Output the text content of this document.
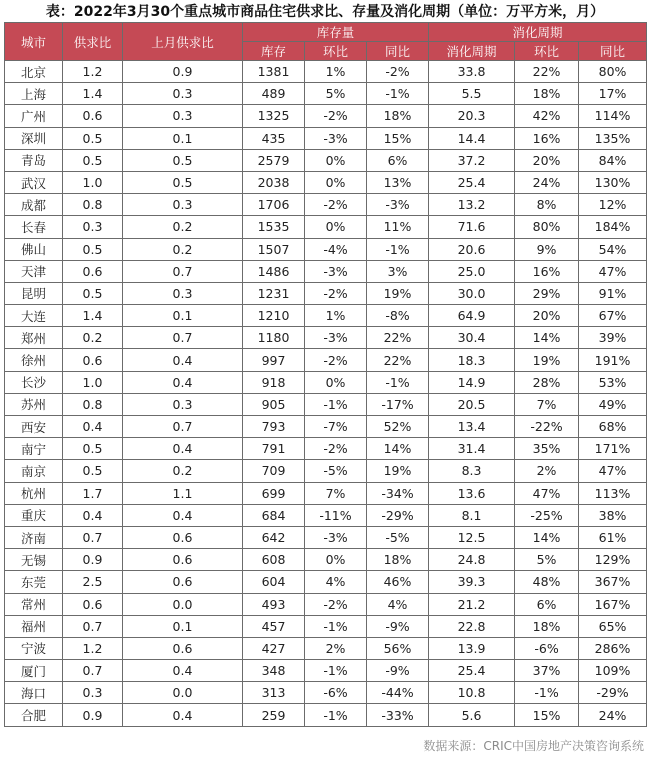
表：2022年3月30个重点城市商品住宅供求比、存量及消化周期（单位：万平方米，月）
城市	供求比	上月供求比	库存量			消化周期		
			库存	环比	同比	消化周期	环比	同比
北京	1.2	0.9	1381	1%	-2%	33.8	22%	80%
上海	1.4	0.3	489	5%	-1%	5.5	18%	17%
广州	0.6	0.3	1325	-2%	18%	20.3	42%	114%
深圳	0.5	0.1	435	-3%	15%	14.4	16%	135%
青岛	0.5	0.5	2579	0%	6%	37.2	20%	84%
武汉	1.0	0.5	2038	0%	13%	25.4	24%	130%
成都	0.8	0.3	1706	-2%	-3%	13.2	8%	12%
长春	0.3	0.2	1535	0%	11%	71.6	80%	184%
佛山	0.5	0.2	1507	-4%	-1%	20.6	9%	54%
天津	0.6	0.7	1486	-3%	3%	25.0	16%	47%
昆明	0.5	0.3	1231	-2%	19%	30.0	29%	91%
大连	1.4	0.1	1210	1%	-8%	64.9	20%	67%
郑州	0.2	0.7	1180	-3%	22%	30.4	14%	39%
徐州	0.6	0.4	997	-2%	22%	18.3	19%	191%
长沙	1.0	0.4	918	0%	-1%	14.9	28%	53%
苏州	0.8	0.3	905	-1%	-17%	20.5	7%	49%
西安	0.4	0.7	793	-7%	52%	13.4	-22%	68%
南宁	0.5	0.4	791	-2%	14%	31.4	35%	171%
南京	0.5	0.2	709	-5%	19%	8.3	2%	47%
杭州	1.7	1.1	699	7%	-34%	13.6	47%	113%
重庆	0.4	0.4	684	-11%	-29%	8.1	-25%	38%
济南	0.7	0.6	642	-3%	-5%	12.5	14%	61%
无锡	0.9	0.6	608	0%	18%	24.8	5%	129%
东莞	2.5	0.6	604	4%	46%	39.3	48%	367%
常州	0.6	0.0	493	-2%	4%	21.2	6%	167%
福州	0.7	0.1	457	-1%	-9%	22.8	18%	65%
宁波	1.2	0.6	427	2%	56%	13.9	-6%	286%
厦门	0.7	0.4	348	-1%	-9%	25.4	37%	109%
海口	0.3	0.0	313	-6%	-44%	10.8	-1%	-29%
合肥	0.9	0.4	259	-1%	-33%	5.6	15%	24%
数据来源：CRIC中国房地产决策咨询系统
